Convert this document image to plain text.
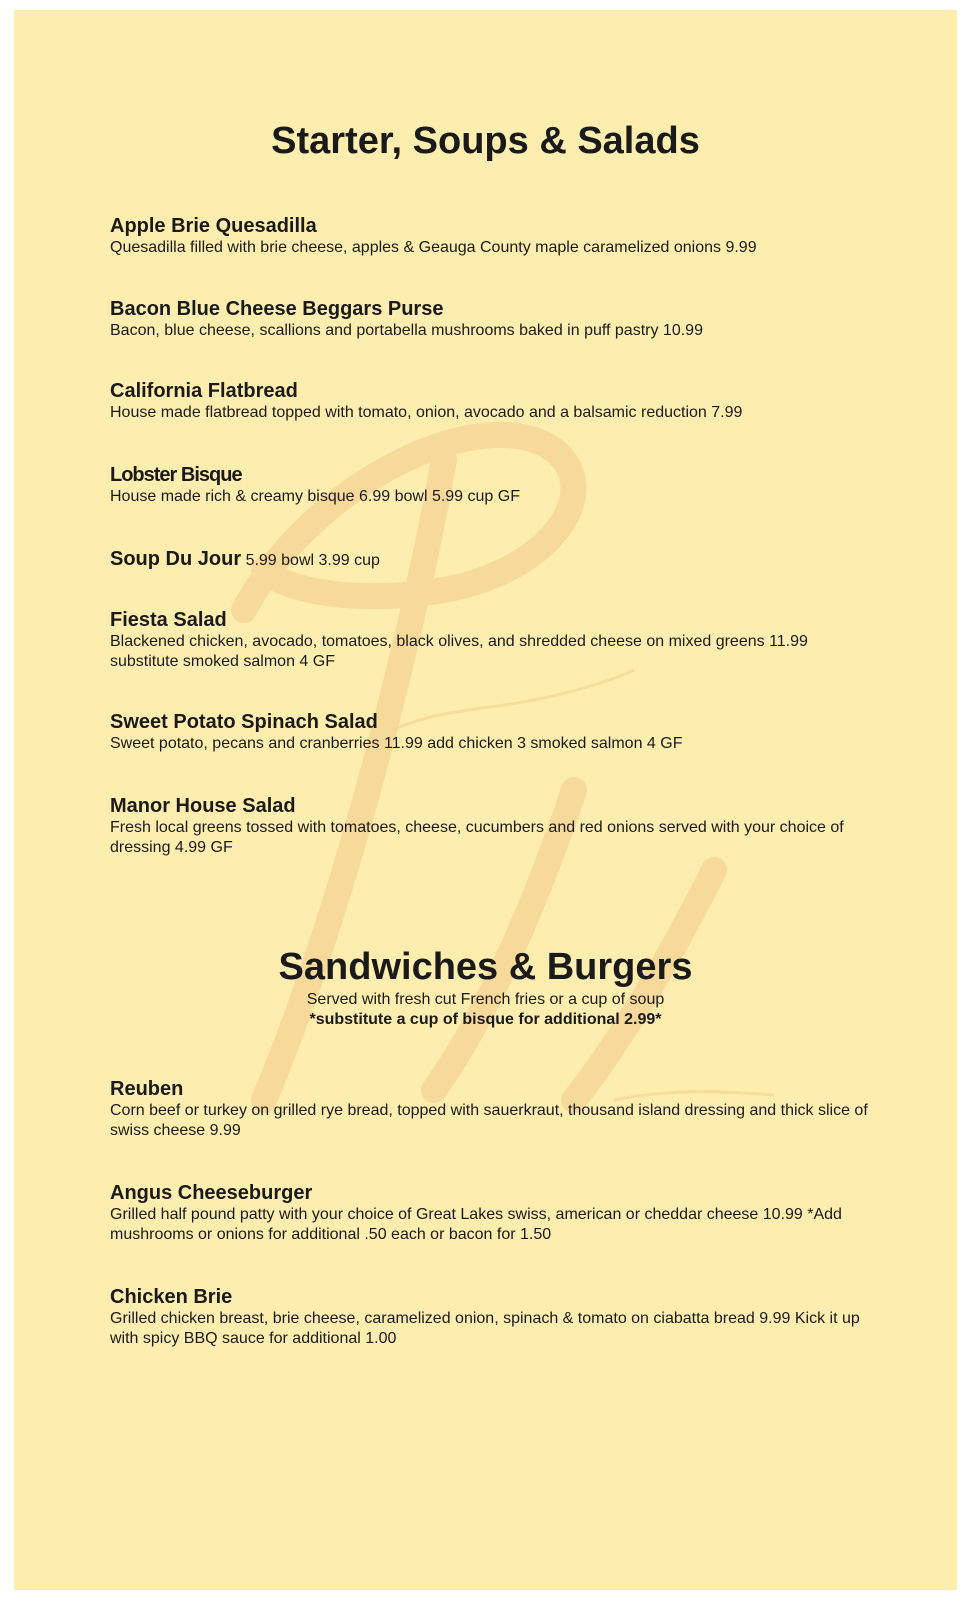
Starter, Soups & Salads
Apple Brie Quesadilla
Quesadilla filled with brie cheese, apples & Geauga County maple caramelized onions 9.99
Bacon Blue Cheese Beggars Purse
Bacon, blue cheese, scallions and portabella mushrooms baked in puff pastry 10.99
California Flatbread
House made flatbread topped with tomato, onion, avocado and a balsamic reduction 7.99
Lobster Bisque
House made rich & creamy bisque 6.99 bowl 5.99 cup GF
Soup Du Jour 5.99 bowl 3.99 cup
Fiesta Salad
Blackened chicken, avocado, tomatoes, black olives, and shredded cheese on mixed greens 11.99 substitute smoked salmon 4 GF
Sweet Potato Spinach Salad
Sweet potato, pecans and cranberries 11.99 add chicken 3 smoked salmon 4 GF
Manor House Salad
Fresh local greens tossed with tomatoes, cheese, cucumbers and red onions served with your choice of dressing 4.99 GF
Sandwiches & Burgers
Served with fresh cut French fries or a cup of soup
*substitute a cup of bisque for additional 2.99*
Reuben
Corn beef or turkey on grilled rye bread, topped with sauerkraut, thousand island dressing and thick slice of swiss cheese 9.99
Angus Cheeseburger
Grilled half pound patty with your choice of Great Lakes swiss, american or cheddar cheese 10.99 *Add mushrooms or onions for additional .50 each or bacon for 1.50
Chicken Brie
Grilled chicken breast, brie cheese, caramelized onion, spinach & tomato on ciabatta bread 9.99 Kick it up with spicy BBQ sauce for additional 1.00
